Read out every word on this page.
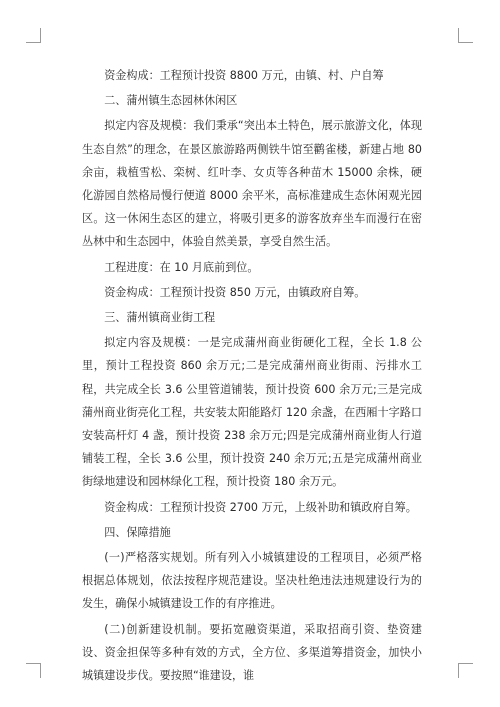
资金构成：工程预计投资 8800 万元，由镇、村、户自筹

二、蒲州镇生态园林休闲区

拟定内容及规模：我们秉承“突出本土特色，展示旅游文化，体现生态自然”的理念，在景区旅游路两侧铁牛馆至鹳雀楼，新建占地 80 余亩，栽植雪松、栾树、红叶李、女贞等各种苗木 15000 余株，硬化游园自然格局慢行便道 8000 余平米，高标准建成生态休闲观光园区。这一休闲生态区的建立，将吸引更多的游客放弃坐车而漫行在密丛林中和生态园中，体验自然美景，享受自然生活。

工程进度：在 10 月底前到位。

资金构成：工程预计投资 850 万元，由镇政府自筹。

三、蒲州镇商业街工程

拟定内容及规模：一是完成蒲州商业街硬化工程，全长 1.8 公里，预计工程投资 860 余万元;二是完成蒲州商业街雨、污排水工程，共完成全长 3.6 公里管道铺装，预计投资 600 余万元;三是完成蒲州商业街亮化工程，共安装太阳能路灯 120 余盏，在西厢十字路口安装高杆灯 4 盏，预计投资 238 余万元;四是完成蒲州商业街人行道铺装工程，全长 3.6 公里，预计投资 240 余万元;五是完成蒲州商业街绿地建设和园林绿化工程，预计投资 180 余万元。

资金构成：工程预计投资 2700 万元，上级补助和镇政府自筹。

四、保障措施

(一)严格落实规划。所有列入小城镇建设的工程项目，必须严格根据总体规划，依法按程序规范建设。坚决杜绝违法违规建设行为的发生，确保小城镇建设工作的有序推进。

(二)创新建设机制。要拓宽融资渠道，采取招商引资、垫资建设、资金担保等多种有效的方式，全方位、多渠道筹措资金，加快小城镇建设步伐。要按照“谁建设，谁
